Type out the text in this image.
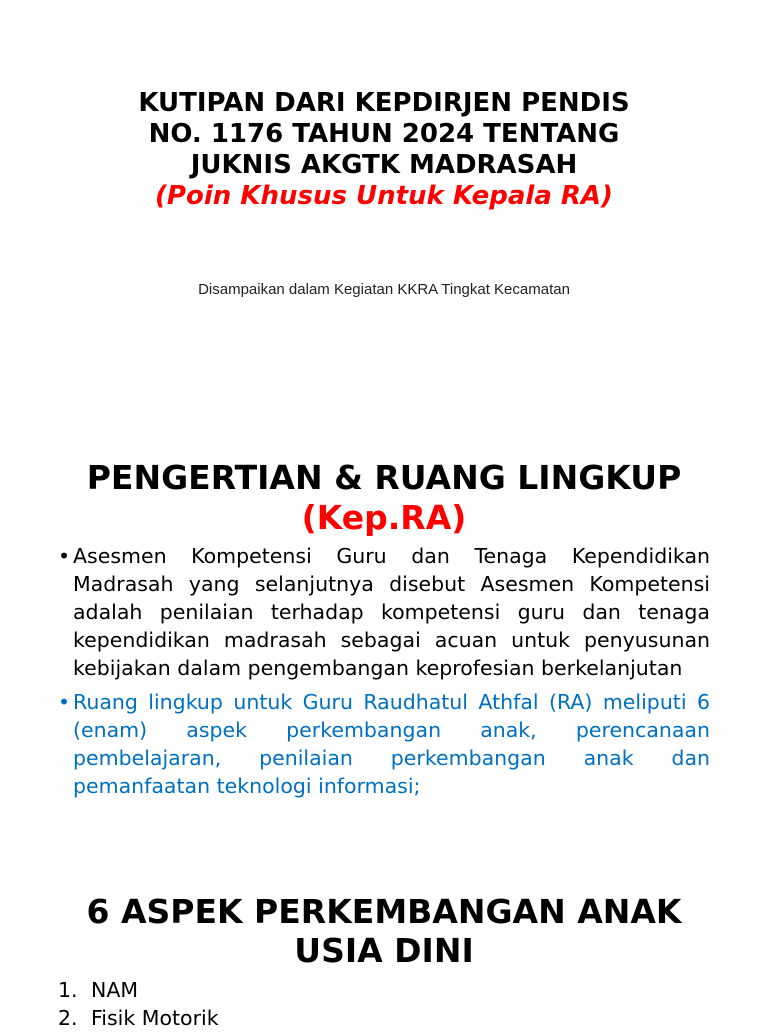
KUTIPAN DARI KEPDIRJEN PENDIS
NO. 1176 TAHUN 2024 TENTANG
JUKNIS AKGTK MADRASAH
(Poin Khusus Untuk Kepala RA)
Disampaikan dalam Kegiatan KKRA Tingkat Kecamatan
PENGERTIAN & RUANG LINGKUP
(Kep.RA)
• Asesmen Kompetensi Guru dan Tenaga Kependidikan Madrasah yang selanjutnya disebut Asesmen Kompetensi adalah penilaian terhadap kompetensi guru dan tenaga kependidikan madrasah sebagai acuan untuk penyusunan kebijakan dalam pengembangan keprofesian berkelanjutan
• Ruang lingkup untuk Guru Raudhatul Athfal (RA) meliputi 6 (enam) aspek perkembangan anak, perencanaan pembelajaran, penilaian perkembangan anak dan pemanfaatan teknologi informasi;
6 ASPEK PERKEMBANGAN ANAK
USIA DINI
1. NAM
2. Fisik Motorik
